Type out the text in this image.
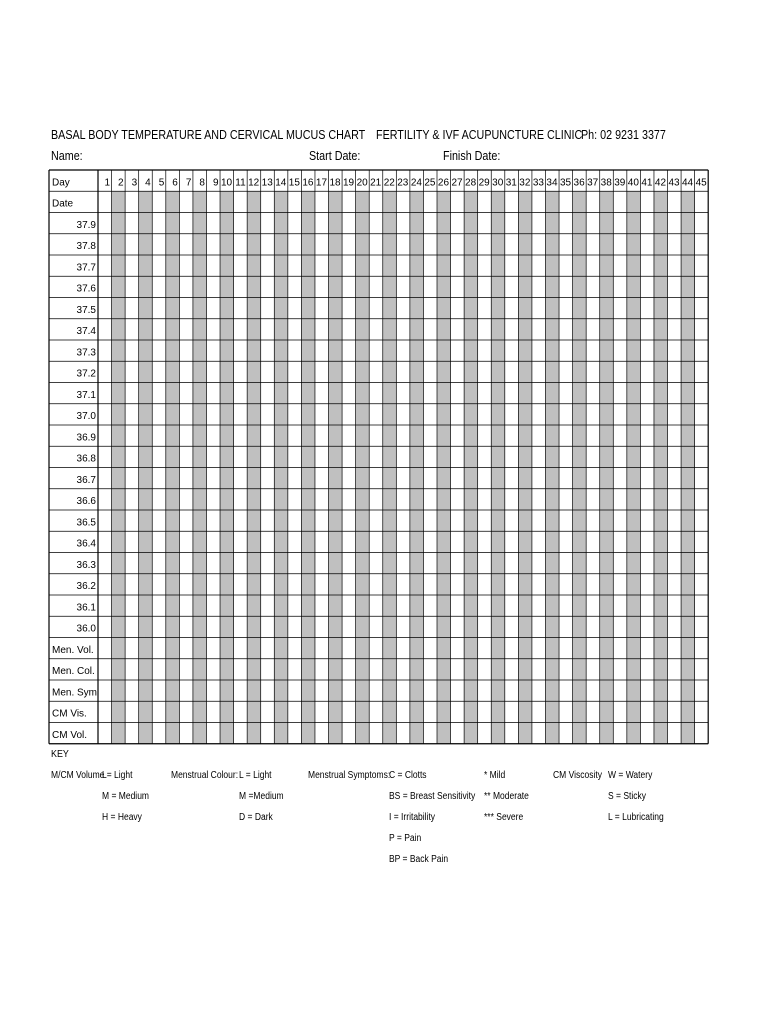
BASAL BODY TEMPERATURE AND CERVICAL MUCUS CHART FERTILITY & IVF ACUPUNCTURE CLINIC
Ph: 02 9231 3377
Name:	Start Date:	Finish Date:
1 2 3 4 5 6 7 8 9 10 11 12 13 14 15 16 17 18 19 20 21 22 23 24 25 26 27 28 29 30 31 32 33 34 35 36 37 38 39 40 41 42 43 44 45
Day
Date
37.9
37.8
37.7
37.6
37.5
37.4
37.3
37.2
37.1
37.0
36.9
36.8
36.7
36.6
36.5
36.4
36.3
36.2
36.1
36.0
Men. Vol.
Men. Col.
Men. Sym
CM Vis.
CM Vol.
KEY
M/CM Volume
L= Light
M = Medium
H = Heavy
Menstrual Colour: L = Light
M =Medium
D = Dark
Menstrual Symptoms:
C = Clotts
BS = Breast Sensitivity
I = Irritability
P = Pain
BP = Back Pain
* Mild
** Moderate
*** Severe
CM Viscosity W = Watery
S = Sticky
L = Lubricating
